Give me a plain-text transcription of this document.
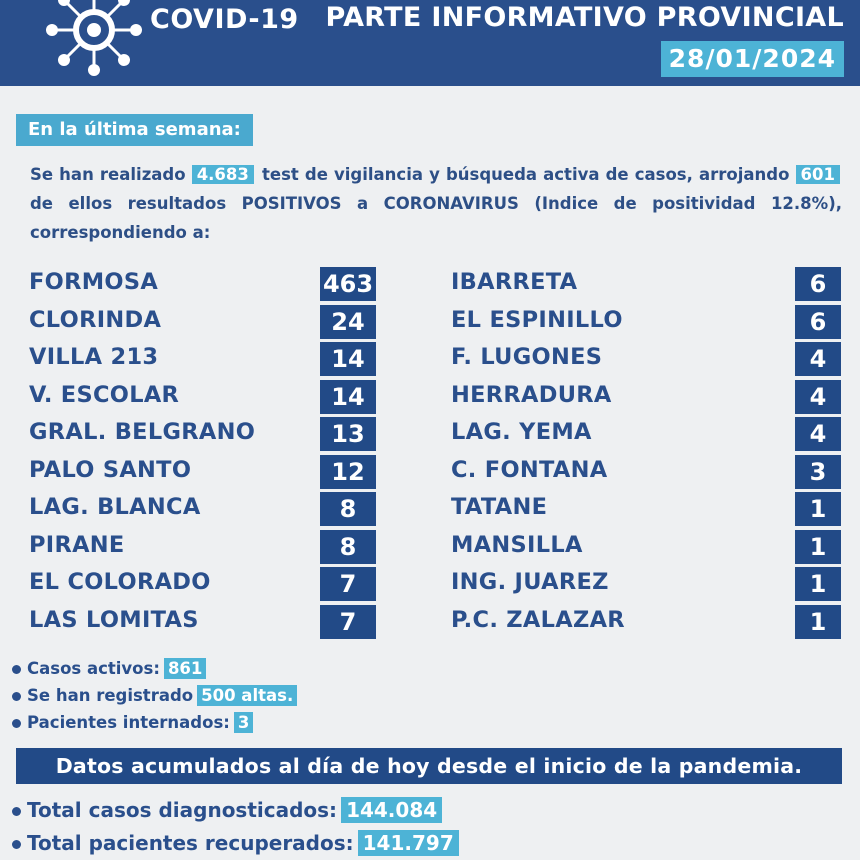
COVID-19 PARTE INFORMATIVO PROVINCIAL
28/01/2024
En la última semana:
Se han realizado 4.683 test de vigilancia y búsqueda activa de casos, arrojando 601 de ellos resultados POSITIVOS a CORONAVIRUS (Indice de positividad 12.8%), correspondiendo a:
FORMOSA	463
CLORINDA	24
VILLA 213	14
V. ESCOLAR	14
GRAL. BELGRANO	13
PALO SANTO	12
LAG. BLANCA	8
PIRANE	8
EL COLORADO	7
LAS LOMITAS	7
IBARRETA	6
EL ESPINILLO	6
F. LUGONES	4
HERRADURA	4
LAG. YEMA	4
C. FONTANA	3
TATANE	1
MANSILLA	1
ING. JUAREZ	1
P.C. ZALAZAR	1
Casos activos: 861
Se han registrado 500 altas.
Pacientes internados: 3
Datos acumulados al día de hoy desde el inicio de la pandemia.
Total casos diagnosticados: 144.084
Total pacientes recuperados: 141.797
